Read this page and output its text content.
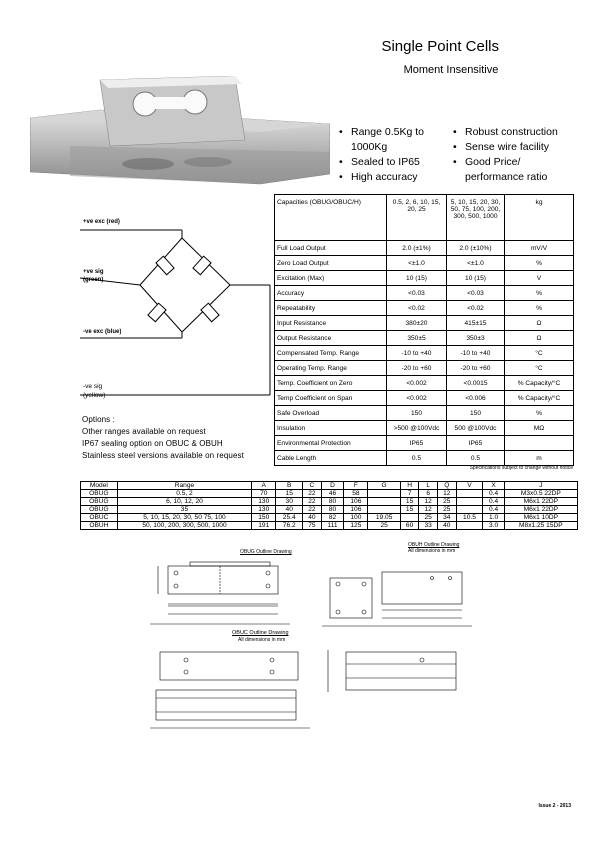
Single Point Cells
Moment Insensitive
• Range 0.5Kg to 1000Kg
• Sealed to IP65
• High accuracy
• Robust construction
• Sense wire facility
• Good Price/ performance ratio
+ve exc (red)
+ve sig (green)
-ve exc (blue)
-ve sig (yellow)
Options :
Other ranges available on request
IP67 sealing option on OBUC & OBUH
Stainless steel versions available on request
Capacities (OBUG/OBUC/H)	0.5, 2, 6, 10, 15, 20, 25	5, 10, 15, 20, 30, 50, 75, 100, 200, 300, 500, 1000	kg
Full Load Output	2.0 (±1%)	2.0 (±10%)	mV/V
Zero Load Output	<±1.0	<±1.0	%
Excitation (Max)	10 (15)	10 (15)	V
Accuracy	<0.03	<0.03	%
Repeatability	<0.02	<0.02	%
Input Resistance	380±20	415±15	Ω
Output Resistance	350±5	350±3	Ω
Compensated Temp. Range	-10 to +40	-10 to +40	°C
Operating Temp. Range	-20 to +60	-20 to +60	°C
Temp. Coefficient on Zero	<0.002	<0.0015	% Capacity/°C
Temp Coefficient on Span	<0.002	<0.006	% Capacity/°C
Safe Overload	150	150	%
Insulation	>500 @100Vdc	500 @100Vdc	MΩ
Environmental Protection	IP65	IP65	
Cable Length	0.5	0.5	m
Specifications subject to change without notice
Model	Range	A	B	C	D	F	G	H	L	Q	V	X	J
OBUG	0.5, 2	70	15	22	46	58		7	6	12		0.4	M3x0.5 22DP
OBUG	6, 10, 12, 20	130	30	22	80	106		15	12	25		0.4	M6x1 22DP
OBUG	35	130	40	22	80	106		15	12	25		0.4	M6x1 22DP
OBUC	5, 10, 15, 20, 30, 50 75, 100	150	25.4	40	82	100	19.05		25	34	10.5	1.0	M6x1 10DP
OBUH	50, 100, 200, 300, 500, 1000	191	76.2	75	111	125	25	60	33	40		3.0	M8x1.25 15DP
OBUG Outline Drawing
OBUH Outline Drawing
All dimensions in mm
OBUC Outline Drawing
All dimensions in mm
Issue 2 - 2013
